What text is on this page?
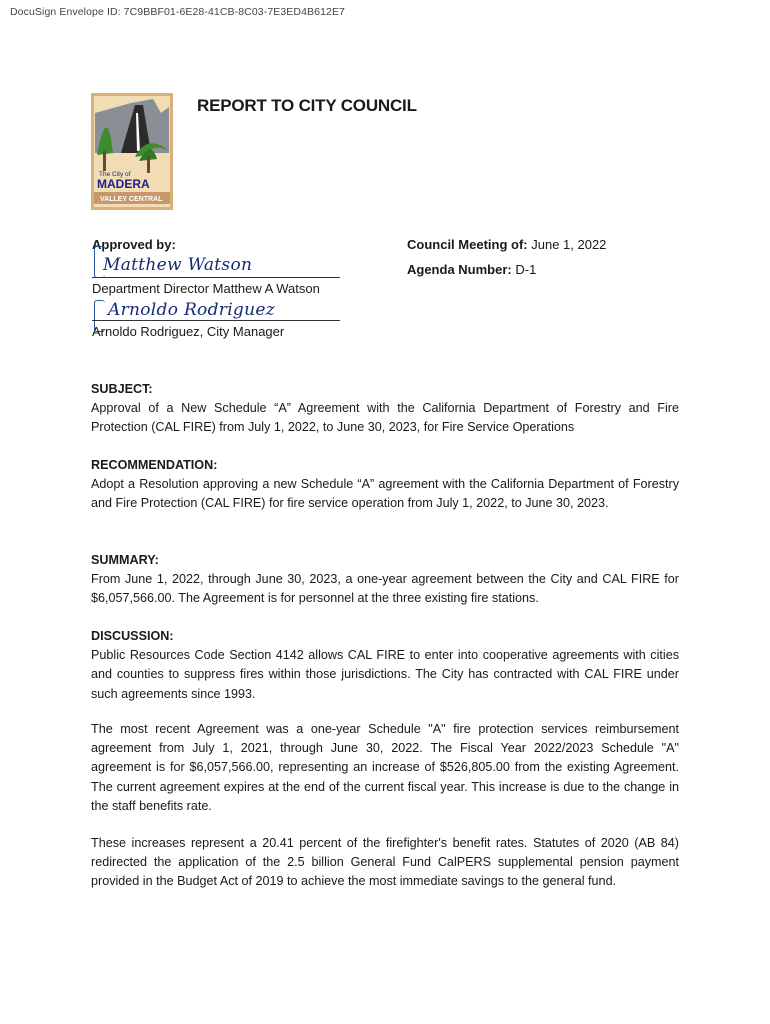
DocuSign Envelope ID: 7C9BBF01-6E28-41CB-8C03-7E3ED4B612E7
The City of
MADERA
VALLEY CENTRAL
REPORT TO CITY COUNCIL
Approved by:
Matthew Watson
Department Director Matthew A Watson
Arnoldo Rodriguez
Arnoldo Rodriguez, City Manager
Council Meeting of: June 1, 2022
Agenda Number: D-1
SUBJECT:

Approval of a New Schedule “A” Agreement with the California Department of Forestry and Fire Protection (CAL FIRE) from July 1, 2022, to June 30, 2023, for Fire Service Operations

RECOMMENDATION:

Adopt a Resolution approving a new Schedule “A” agreement with the California Department of Forestry and Fire Protection (CAL FIRE) for fire service operation from July 1, 2022, to June 30, 2023.

SUMMARY:

From June 1, 2022, through June 30, 2023, a one-year agreement between the City and CAL FIRE for $6,057,566.00. The Agreement is for personnel at the three existing fire stations.

DISCUSSION:

Public Resources Code Section 4142 allows CAL FIRE to enter into cooperative agreements with cities and counties to suppress fires within those jurisdictions. The City has contracted with CAL FIRE under such agreements since 1993.

The most recent Agreement was a one-year Schedule "A" fire protection services reimbursement agreement from July 1, 2021, through June 30, 2022. The Fiscal Year 2022/2023 Schedule "A" agreement is for $6,057,566.00, representing an increase of $526,805.00 from the existing Agreement. The current agreement expires at the end of the current fiscal year. This increase is due to the change in the staff benefits rate.

These increases represent a 20.41 percent of the firefighter's benefit rates. Statutes of 2020 (AB 84) redirected the application of the 2.5 billion General Fund CalPERS supplemental pension payment provided in the Budget Act of 2019 to achieve the most immediate savings to the general fund.
